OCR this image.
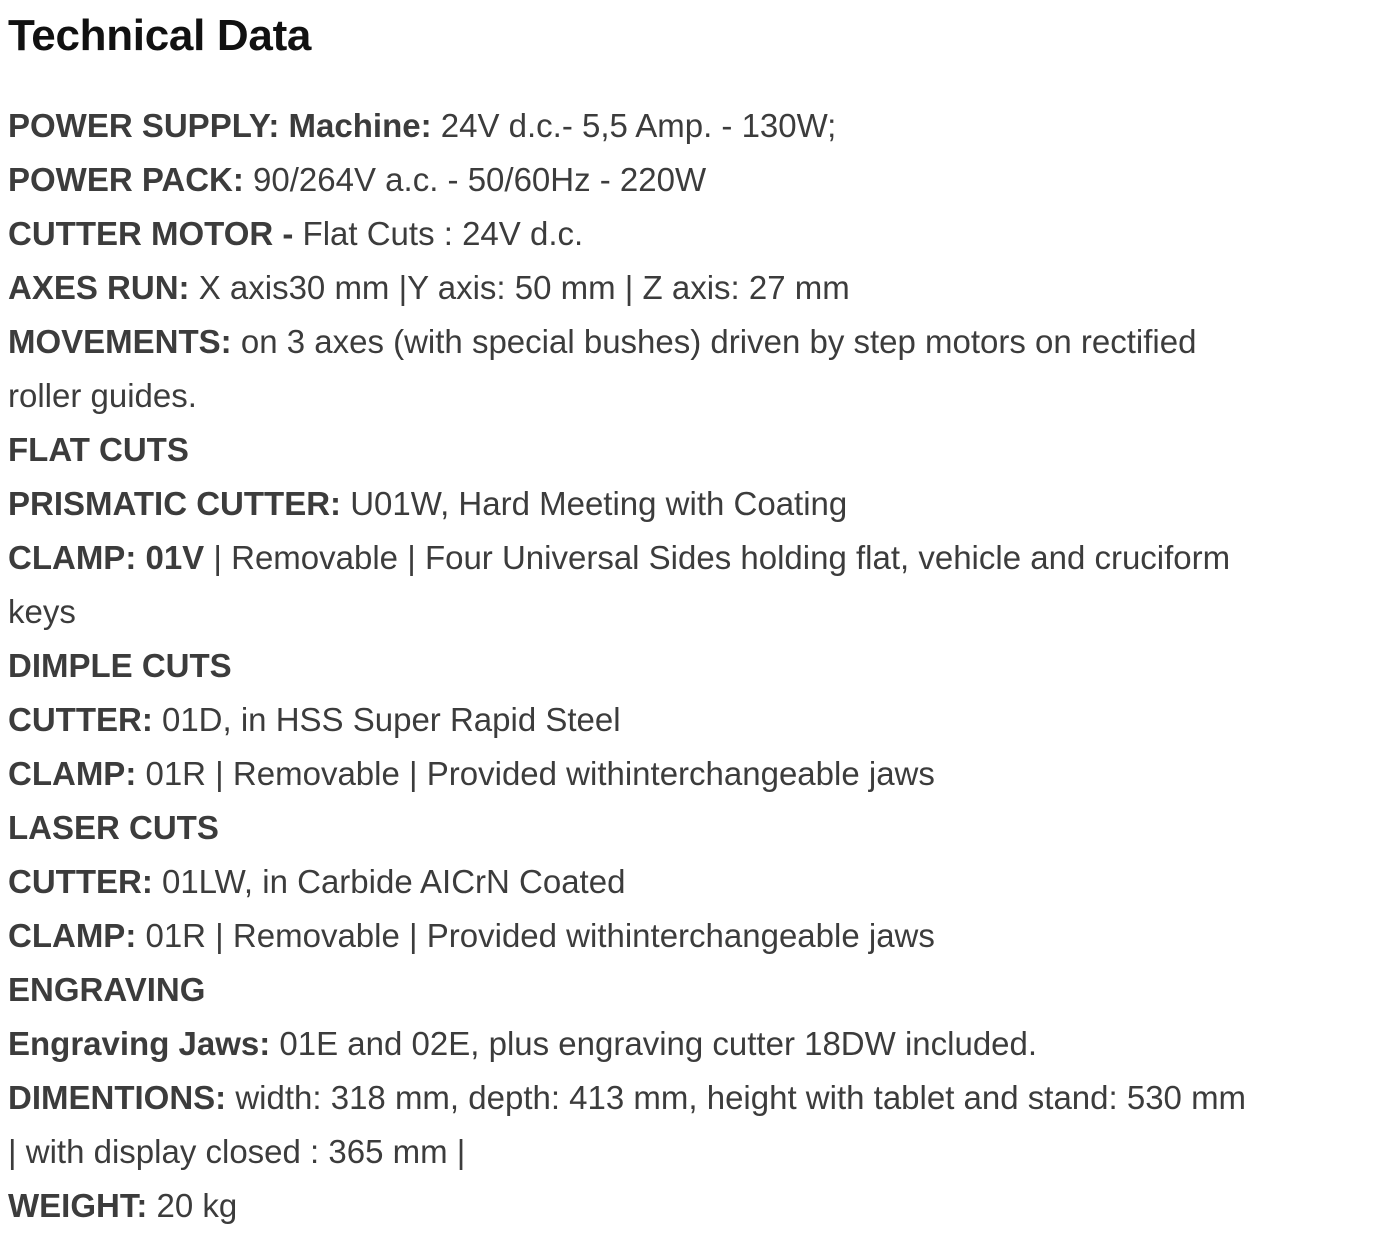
Technical Data

POWER SUPPLY: Machine: 24V d.c.- 5,5 Amp. - 130W;

POWER PACK: 90/264V a.c. - 50/60Hz - 220W

CUTTER MOTOR - Flat Cuts : 24V d.c.

AXES RUN: X axis30 mm |Y axis: 50 mm | Z axis: 27 mm

MOVEMENTS: on 3 axes (with special bushes) driven by step motors on rectified
roller guides.

FLAT CUTS

PRISMATIC CUTTER: U01W, Hard Meeting with Coating

CLAMP: 01V | Removable | Four Universal Sides holding flat, vehicle and cruciform
keys

DIMPLE CUTS

CUTTER: 01D, in HSS Super Rapid Steel

CLAMP: 01R | Removable | Provided withinterchangeable jaws

LASER CUTS

CUTTER: 01LW, in Carbide AICrN Coated

CLAMP: 01R | Removable | Provided withinterchangeable jaws

ENGRAVING

Engraving Jaws: 01E and 02E, plus engraving cutter 18DW included.

DIMENTIONS: width: 318 mm, depth: 413 mm, height with tablet and stand: 530 mm
| with display closed : 365 mm |

WEIGHT: 20 kg
